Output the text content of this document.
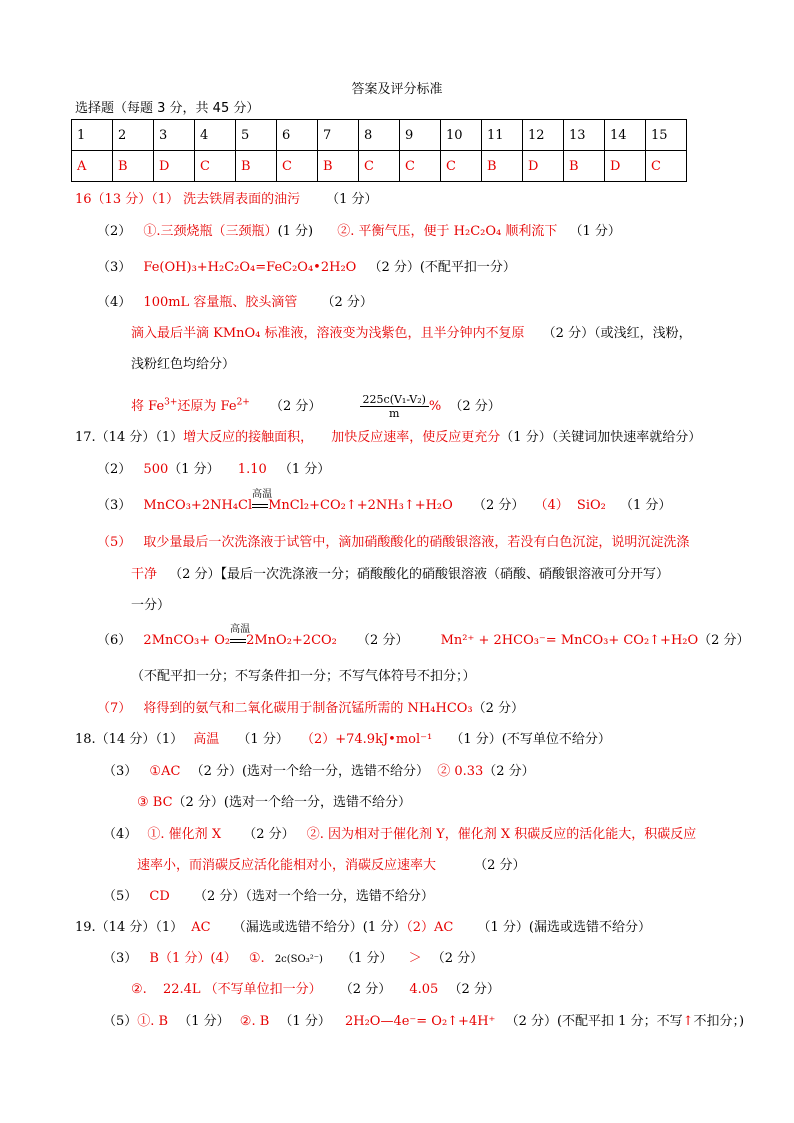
答案及评分标准
选择题（每题 3 分，共 45 分）
1	2	3	4	5	6	7	8	9	10	11	12	13	14	15
A	B	D	C	B	C	B	C	C	C	B	D	B	D	C
16（13 分）（1） 洗去铁屑表面的油污 （1 分）
（2） ①.三颈烧瓶（三颈瓶）(1 分) ②. 平衡气压，便于 H₂C₂O₄ 顺利流下 （1 分）
（3） Fe(OH)₃+H₂C₂O₄=FeC₂O₄•2H₂O （2 分）(不配平扣一分）
（4） 100mL 容量瓶、胶头滴管 （2 分）
滴入最后半滴 KMnO₄ 标准液，溶液变为浅紫色，且半分钟内不复原 （2 分）（或浅红，浅粉，
浅粉红色均给分）
将 $Fe^{3+}$还原为 $Fe^{2+}$ （2 分）	$\frac{\text{225c(V₁-V₂)}}{m}$ % （2 分）
17.（14 分）（1）增大反应的接触面积， 加快反应速率，使反应更充分（1 分）（关键词加快速率就给分）
（2） 500（1 分） 1.10 （1 分）
（3） MnCO₃+2NH₄Cl
高温
MnCl₂+CO₂↑+2NH₃↑+H₂O （2 分） （4） SiO₂ （1 分）
（5） 取少量最后一次洗涤液于试管中，滴加硝酸酸化的硝酸银溶液，若没有白色沉淀，说明沉淀洗涤
干净 （2 分）【最后一次洗涤液一分；硝酸酸化的硝酸银溶液（硝酸、硝酸银溶液可分开写）
一分）
（6） 2MnCO₃+ O₂
高温
2MnO₂+2CO₂ （2 分） Mn²⁺ + 2HCO₃⁻= MnCO₃+ CO₂↑+H₂O（2 分）
（不配平扣一分；不写条件扣一分；不写气体符号不扣分；）
（7） 将得到的氨气和二氧化碳用于制备沉锰所需的 NH₄HCO₃（2 分）
18.（14 分）（1） 高温 （1 分） （2）+74.9kJ•mol⁻¹ （1 分）(不写单位不给分）
（3） ①AC （2 分）(选对一个给一分，选错不给分） ② 0.33（2 分）
③ BC（2 分）(选对一个给一分，选错不给分）
（4） ①. 催化剂 X （2 分） ②. 因为相对于催化剂 Y，催化剂 X 积碳反应的活化能大，积碳反应
速率小，而消碳反应活化能相对小，消碳反应速率大	（2 分）
（5） CD （2 分）（选对一个给一分，选错不给分）
19.（14 分）（1） AC （漏选或选错不给分）(1 分）（2）AC （1 分）(漏选或选错不给分）
（3） B（1 分）(4） ①. 2c(SO₃²⁻) （1 分） ＞ （2 分）
②. 22.4L （不写单位扣一分） （2 分） 4.05 （2 分）
（5）①. B （1 分） ②. B （1 分） 2H₂O—4e⁻= O₂↑+4H⁺ （2 分）(不配平扣 1 分；不写↑不扣分；)
